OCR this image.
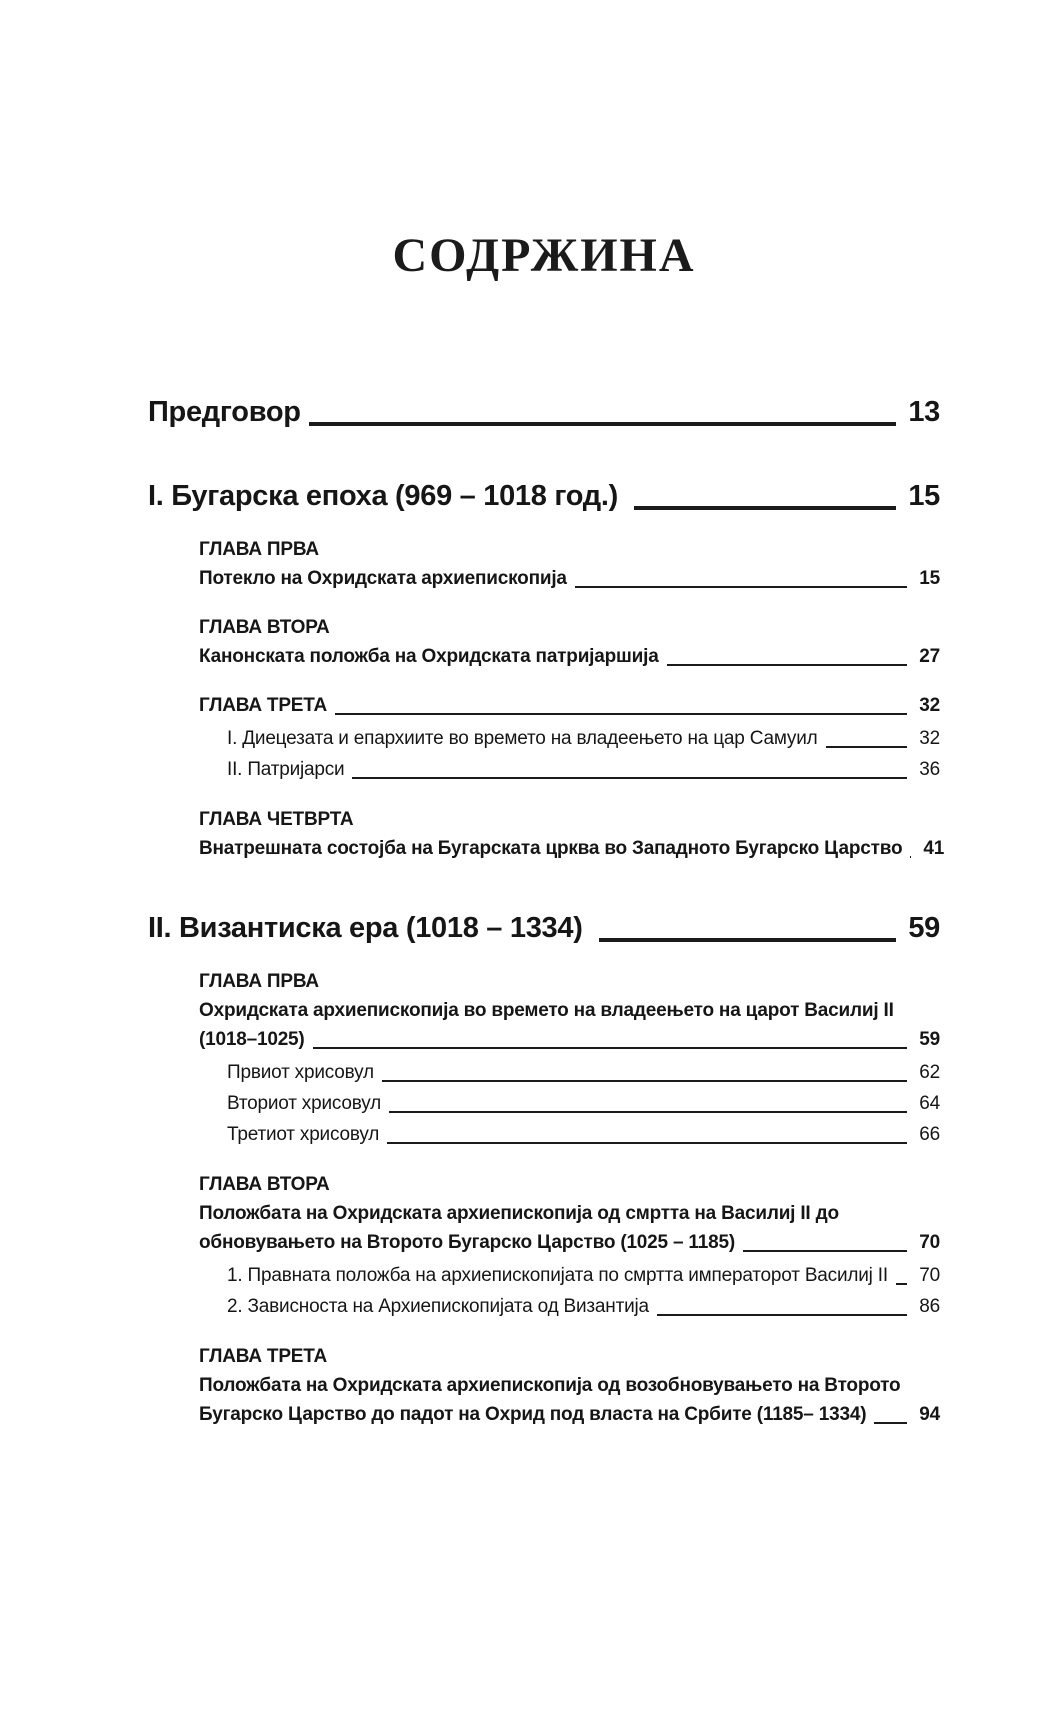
СОДРЖИНА
Предговор	13
I. Бугарска епоха (969 – 1018 год.)	15
ГЛАВА ПРВА
Потекло на Охридската архиепископија	15
ГЛАВА ВТОРА
Канонската положба на Охридската патријаршија	27
ГЛАВА ТРЕТА	32
I. Диецезата и епархиите во времето на владеењето на цар Самуил	32
II. Патријарси	36
ГЛАВА ЧЕТВРТА
Внатрешната состојба на Бугарската црква во Западното Бугарско Царство 41
II. Византиска ера (1018 – 1334)	59
ГЛАВА ПРВА
Охридската архиепископија во времето на владеењето на царот Василиј II
(1018–1025)	59
Првиот хрисовул	62
Вториот хрисовул	64
Третиот хрисовул	66
ГЛАВА ВТОРА
Положбата на Охридската архиепископија од смртта на Василиј II до
обновувањето на Второто Бугарско Царство (1025 – 1185)	70
1. Правната положба на архиепископијата по смртта императорот Василиј II 70
2. Зависноста на Архиепископијата од Византија	86
ГЛАВА ТРЕТА
Положбата на Охридската архиепископија од возобновувањето на Второто
Бугарско Царство до падот на Охрид под власта на Србите (1185– 1334)	94
